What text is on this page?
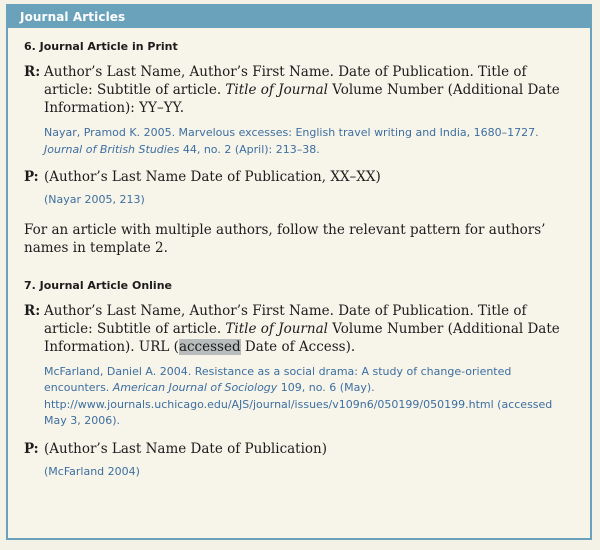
Journal Articles
6. Journal Article in Print
R: Author’s Last Name, Author’s First Name. Date of Publication. Title of article: Subtitle of article. Title of Journal Volume Number (Additional Date Information): YY–YY.
Nayar, Pramod K. 2005. Marvelous excesses: English travel writing and India, 1680–1727. Journal of British Studies 44, no. 2 (April): 213–38.
P: (Author’s Last Name Date of Publication, XX–XX)
(Nayar 2005, 213)
For an article with multiple authors, follow the relevant pattern for authors’ names in template 2.
7. Journal Article Online
R: Author’s Last Name, Author’s First Name. Date of Publication. Title of article: Subtitle of article. Title of Journal Volume Number (Additional Date Information). URL (accessed Date of Access).
McFarland, Daniel A. 2004. Resistance as a social drama: A study of change-oriented encounters. American Journal of Sociology 109, no. 6 (May). http://www.journals.uchicago.edu/AJS/journal/issues/v109n6/050199/050199.html (accessed May 3, 2006).
P: (Author’s Last Name Date of Publication)
(McFarland 2004)
